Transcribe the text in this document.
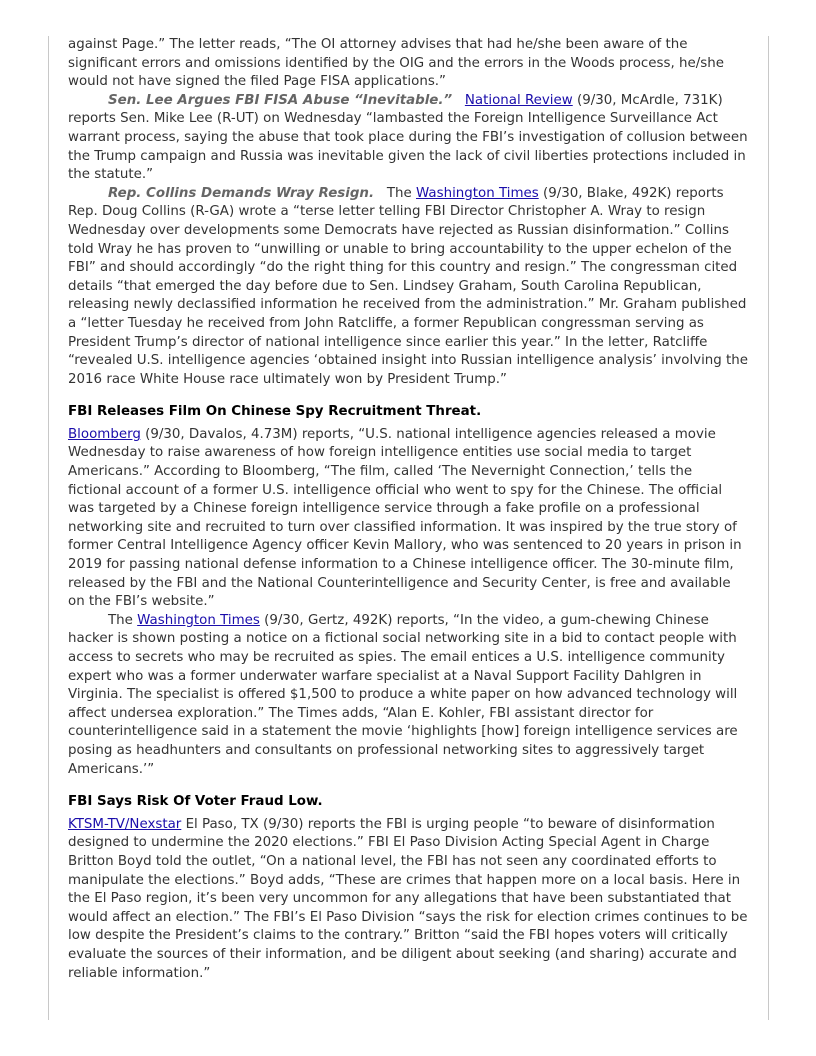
against Page.” The letter reads, “The OI attorney advises that had he/she been aware of the significant errors and omissions identified by the OIG and the errors in the Woods process, he/she would not have signed the filed Page FISA applications.”

Sen. Lee Argues FBI FISA Abuse “Inevitable.” National Review (9/30, McArdle, 731K) reports Sen. Mike Lee (R-UT) on Wednesday “lambasted the Foreign Intelligence Surveillance Act warrant process, saying the abuse that took place during the FBI’s investigation of collusion between the Trump campaign and Russia was inevitable given the lack of civil liberties protections included in the statute.”

Rep. Collins Demands Wray Resign. The Washington Times (9/30, Blake, 492K) reports Rep. Doug Collins (R-GA) wrote a “terse letter telling FBI Director Christopher A. Wray to resign Wednesday over developments some Democrats have rejected as Russian disinformation.” Collins told Wray he has proven to “unwilling or unable to bring accountability to the upper echelon of the FBI” and should accordingly “do the right thing for this country and resign.” The congressman cited details “that emerged the day before due to Sen. Lindsey Graham, South Carolina Republican, releasing newly declassified information he received from the administration.” Mr. Graham published a “letter Tuesday he received from John Ratcliffe, a former Republican congressman serving as President Trump’s director of national intelligence since earlier this year.” In the letter, Ratcliffe “revealed U.S. intelligence agencies ‘obtained insight into Russian intelligence analysis’ involving the 2016 race White House race ultimately won by President Trump.”

FBI Releases Film On Chinese Spy Recruitment Threat.

Bloomberg (9/30, Davalos, 4.73M) reports, “U.S. national intelligence agencies released a movie Wednesday to raise awareness of how foreign intelligence entities use social media to target Americans.” According to Bloomberg, “The film, called ‘The Nevernight Connection,’ tells the fictional account of a former U.S. intelligence official who went to spy for the Chinese. The official was targeted by a Chinese foreign intelligence service through a fake profile on a professional networking site and recruited to turn over classified information. It was inspired by the true story of former Central Intelligence Agency officer Kevin Mallory, who was sentenced to 20 years in prison in 2019 for passing national defense information to a Chinese intelligence officer. The 30-minute film, released by the FBI and the National Counterintelligence and Security Center, is free and available on the FBI’s website.”

The Washington Times (9/30, Gertz, 492K) reports, “In the video, a gum-chewing Chinese hacker is shown posting a notice on a fictional social networking site in a bid to contact people with access to secrets who may be recruited as spies. The email entices a U.S. intelligence community expert who was a former underwater warfare specialist at a Naval Support Facility Dahlgren in Virginia. The specialist is offered $1,500 to produce a white paper on how advanced technology will affect undersea exploration.” The Times adds, “Alan E. Kohler, FBI assistant director for counterintelligence said in a statement the movie ‘highlights [how] foreign intelligence services are posing as headhunters and consultants on professional networking sites to aggressively target Americans.’”

FBI Says Risk Of Voter Fraud Low.

KTSM-TV/Nexstar El Paso, TX (9/30) reports the FBI is urging people “to beware of disinformation designed to undermine the 2020 elections.” FBI El Paso Division Acting Special Agent in Charge Britton Boyd told the outlet, “On a national level, the FBI has not seen any coordinated efforts to manipulate the elections.” Boyd adds, “These are crimes that happen more on a local basis. Here in the El Paso region, it’s been very uncommon for any allegations that have been substantiated that would affect an election.” The FBI’s El Paso Division “says the risk for election crimes continues to be low despite the President’s claims to the contrary.” Britton “said the FBI hopes voters will critically evaluate the sources of their information, and be diligent about seeking (and sharing) accurate and reliable information.”
